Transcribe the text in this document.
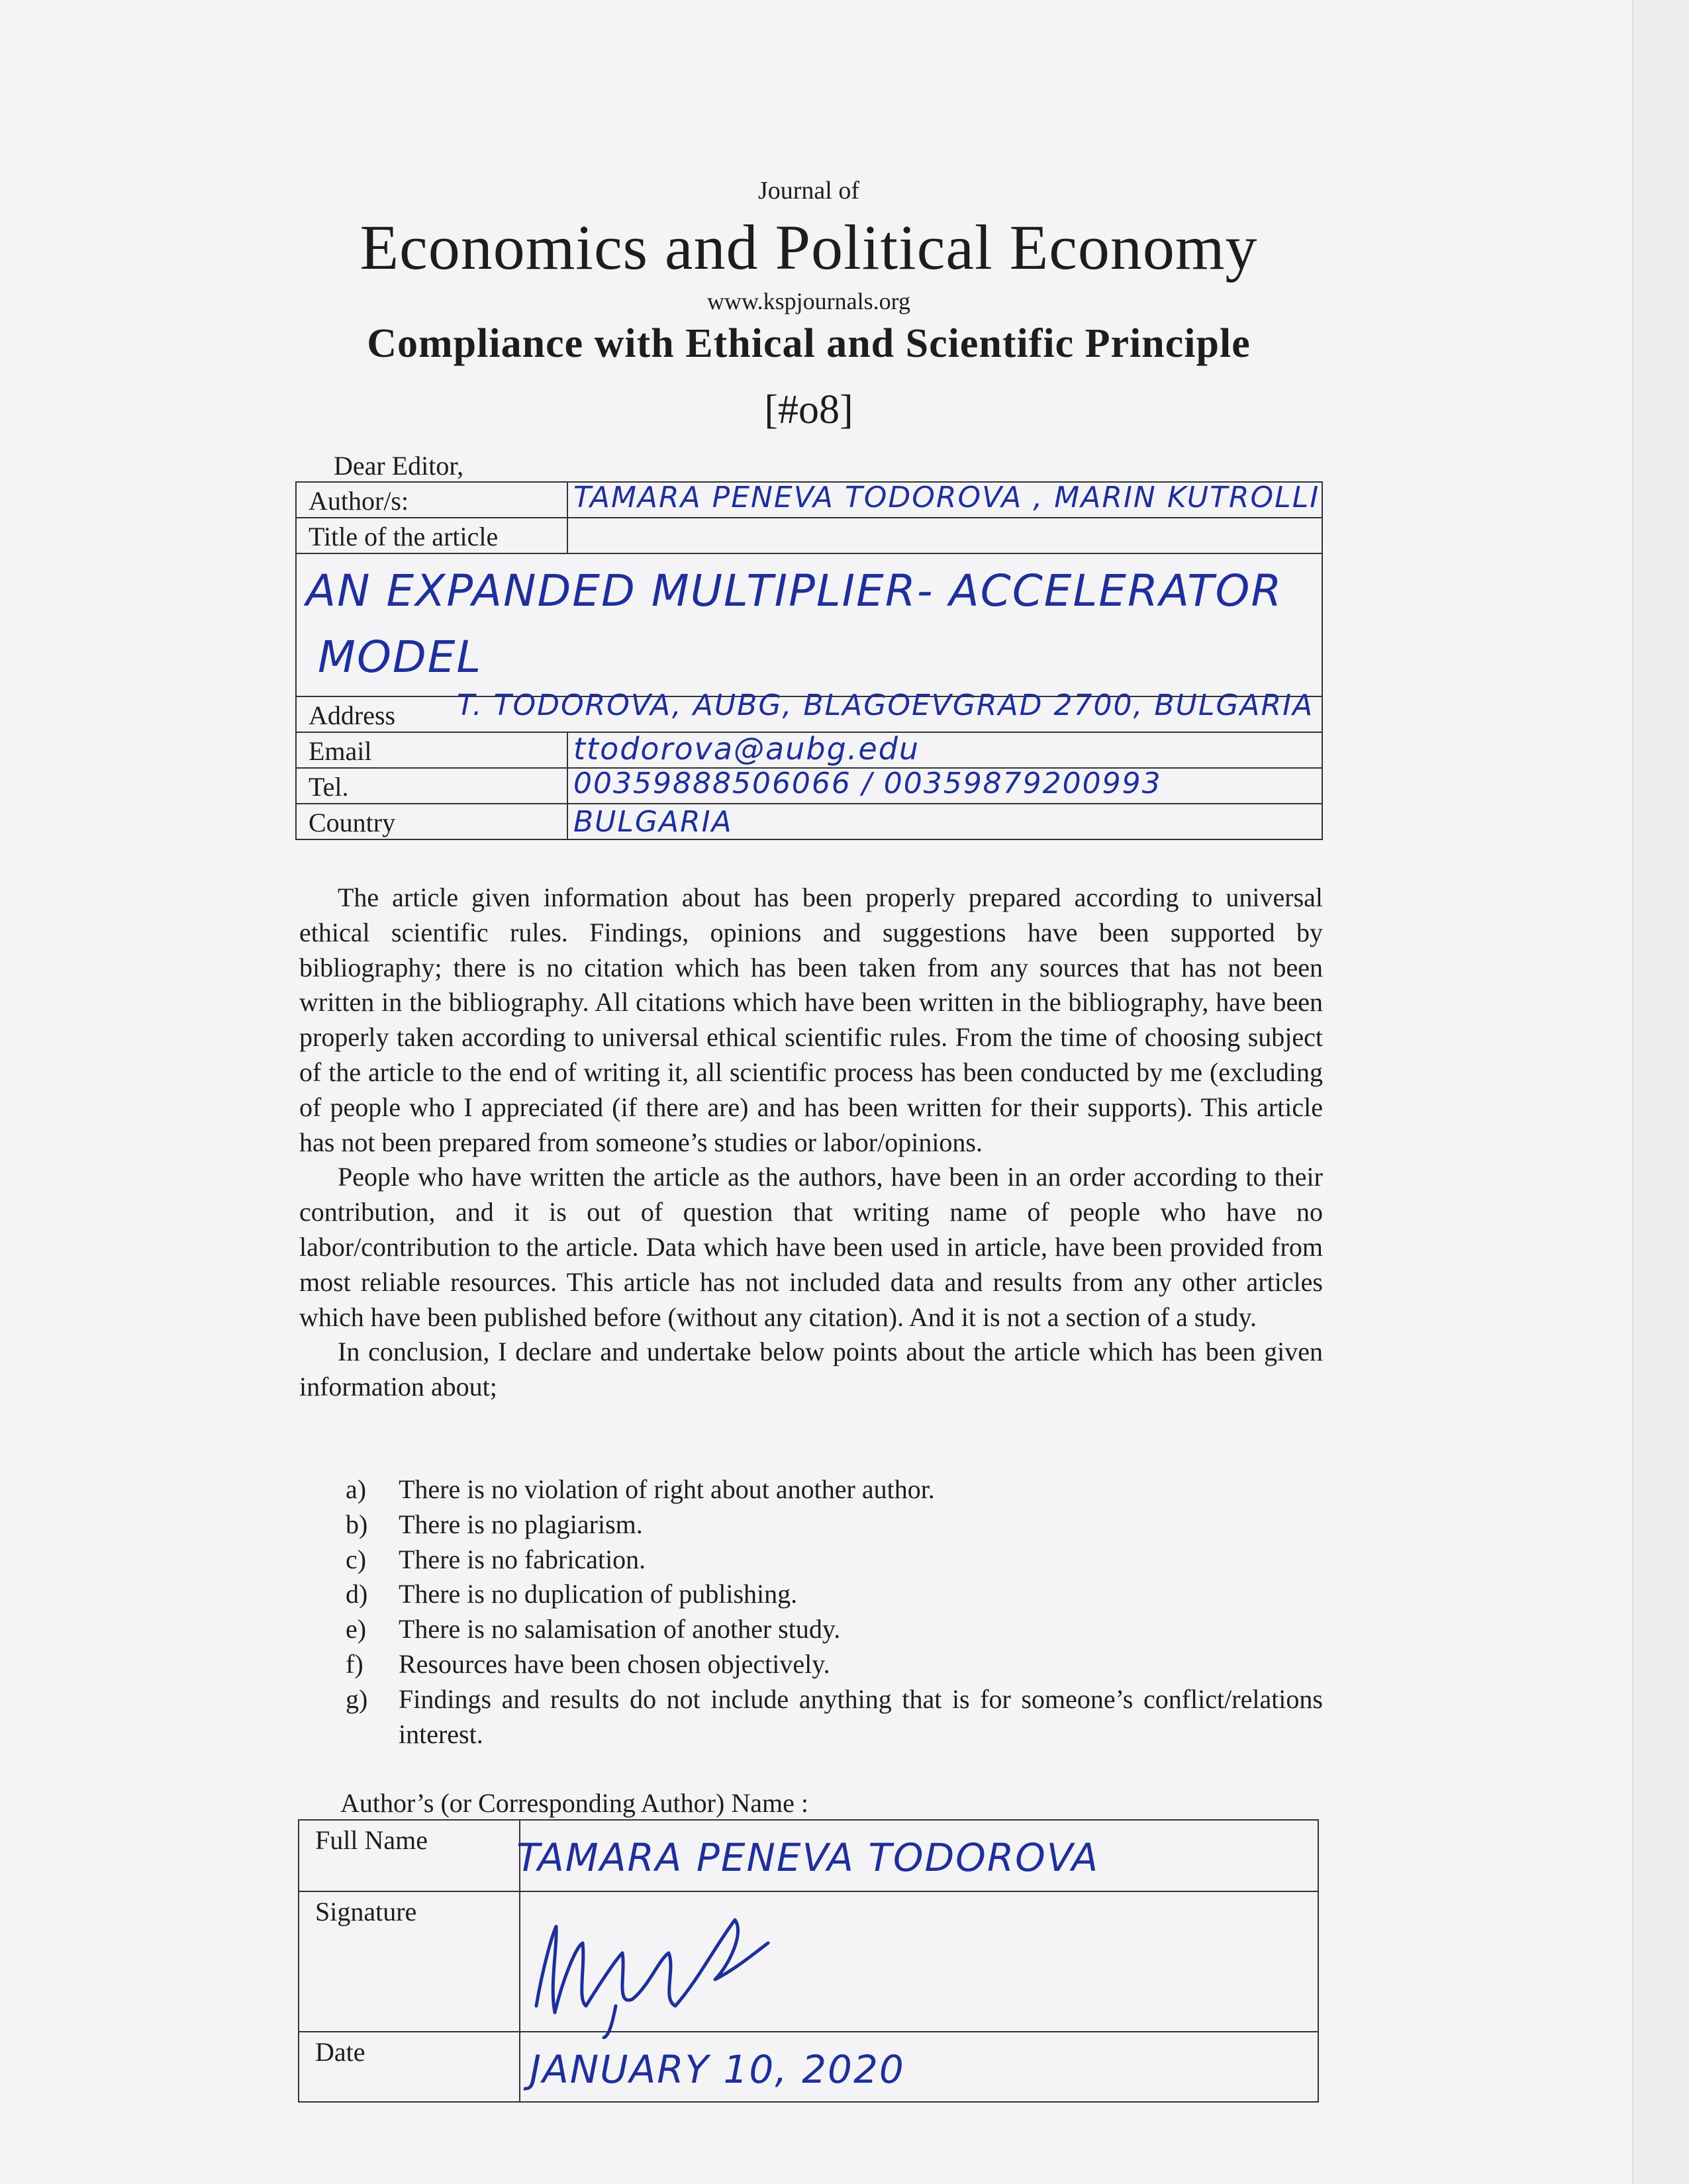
Journal of
Economics and Political Economy
www.kspjournals.org
Compliance with Ethical and Scientific Principle
[#o8]
Dear Editor,
Author/s:	TAMARA PENEVA TODOROVA , MARIN KUTROLLI
Title of the article
AN EXPANDED MULTIPLIER- ACCELERATOR
MODEL
Address T. TODOROVA, AUBG, BLAGOEVGRAD 2700, BULGARIA
Email	ttodorova@aubg.edu
Tel.	00359888506066 / 00359879200993
Country	BULGARIA

The article given information about has been properly prepared according to universal ethical scientific rules. Findings, opinions and suggestions have been supported by bibliography; there is no citation which has been taken from any sources that has not been written in the bibliography. All citations which have been written in the bibliography, have been properly taken according to universal ethical scientific rules. From the time of choosing subject of the article to the end of writing it, all scientific process has been conducted by me (excluding of people who I appreciated (if there are) and has been written for their supports). This article has not been prepared from someone’s studies or labor/opinions.

People who have written the article as the authors, have been in an order according to their contribution, and it is out of question that writing name of people who have no labor/contribution to the article. Data which have been used in article, have been provided from most reliable resources. This article has not included data and results from any other articles which have been published before (without any citation). And it is not a section of a study.

In conclusion, I declare and undertake below points about the article which has been given information about;

a) There is no violation of right about another author.
b) There is no plagiarism.
c) There is no fabrication.
d) There is no duplication of publishing.
e) There is no salamisation of another study.
f) Resources have been chosen objectively.
g) Findings and results do not include anything that is for someone’s conflict/relations interest.
Author’s (or Corresponding Author) Name :
Full Name TAMARA PENEVA TODOROVA
Signature
Date	JANUARY 10, 2020
